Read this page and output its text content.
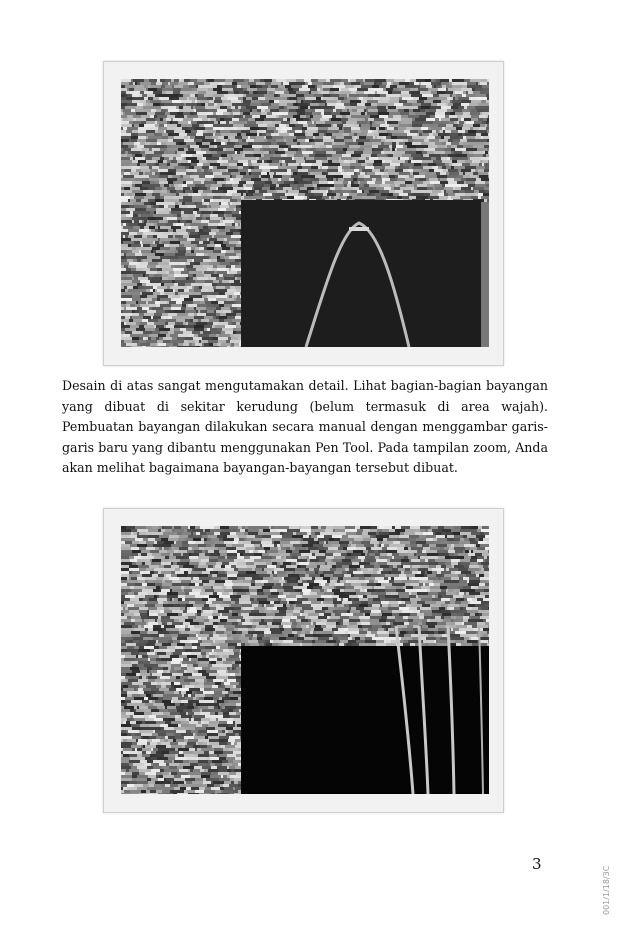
Desain di atas sangat mengutamakan detail. Lihat bagian-bagian bayangan yang dibuat di sekitar kerudung (belum termasuk di area wajah). Pembuatan bayangan dilakukan secara manual dengan menggambar garis-garis baru yang dibantu menggunakan Pen Tool. Pada tampilan zoom, Anda akan melihat bagaimana bayangan-bayangan tersebut dibuat.

3
001/1/18/3C
